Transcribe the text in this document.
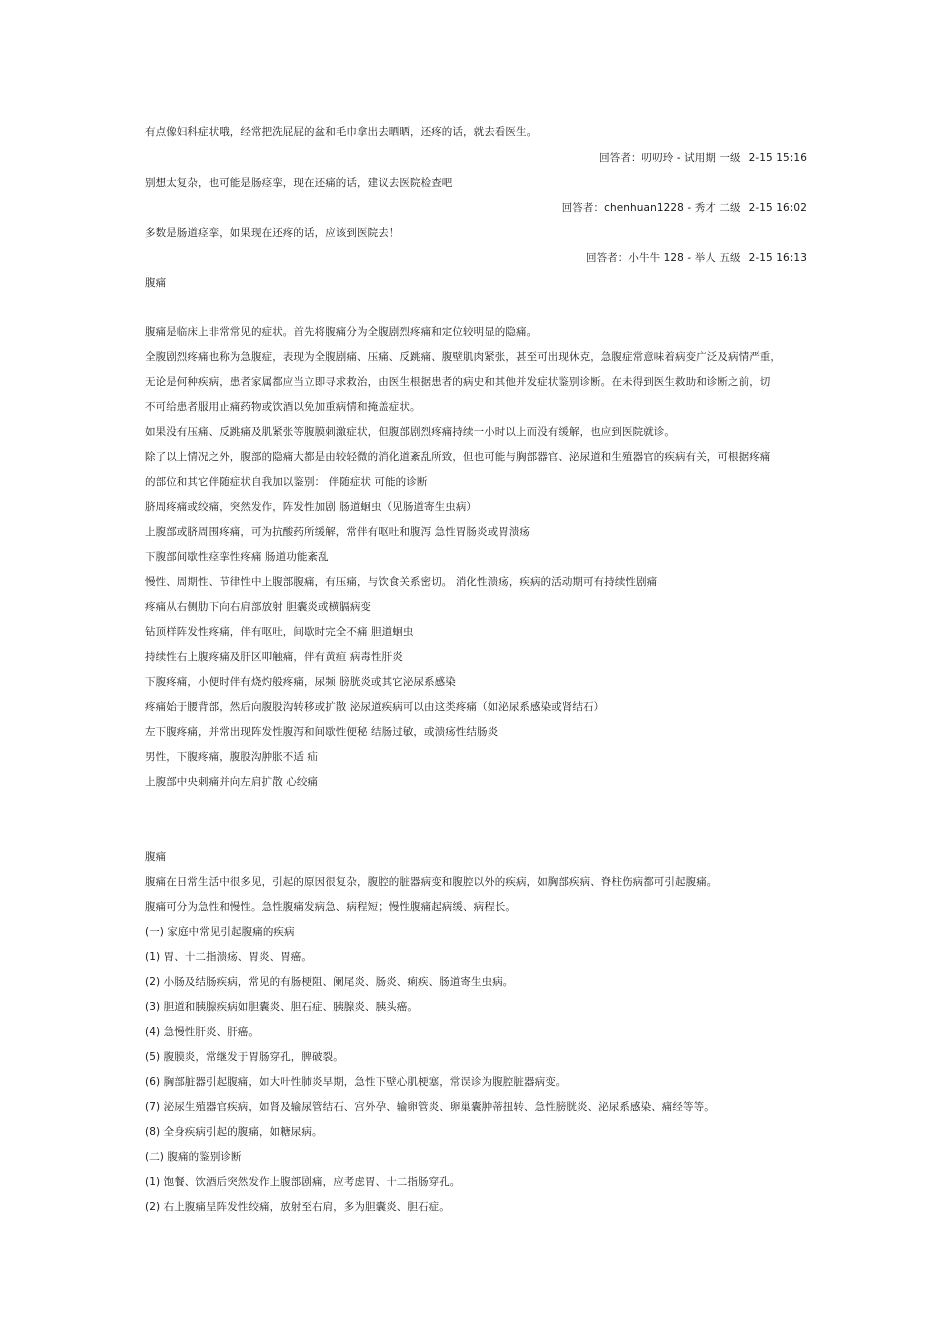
有点像妇科症状哦，经常把洗屁屁的盆和毛巾拿出去晒晒，还疼的话，就去看医生。
回答者：叨叨玲 - 试用期 一级 2-15 15:16
别想太复杂，也可能是肠痉挛，现在还痛的话，建议去医院检查吧
回答者：chenhuan1228 - 秀才 二级 2-15 16:02
多数是肠道痉挛，如果现在还疼的话，应该到医院去！
回答者：小牛牛 128 - 举人 五级 2-15 16:13
腹痛
腹痛是临床上非常常见的症状。首先将腹痛分为全腹剧烈疼痛和定位较明显的隐痛。
全腹剧烈疼痛也称为急腹症，表现为全腹剧痛、压痛、反跳痛、腹壁肌肉紧张，甚至可出现休克，急腹症常意味着病变广泛及病情严重，
无论是何种疾病，患者家属都应当立即寻求救治，由医生根据患者的病史和其他并发症状鉴别诊断。在未得到医生救助和诊断之前，切
不可给患者服用止痛药物或饮酒以免加重病情和掩盖症状。
如果没有压痛、反跳痛及肌紧张等腹膜刺激症状，但腹部剧烈疼痛持续一小时以上而没有缓解，也应到医院就诊。
除了以上情况之外，腹部的隐痛大都是由较轻微的消化道紊乱所致，但也可能与胸部器官、泌尿道和生殖器官的疾病有关，可根据疼痛
的部位和其它伴随症状自我加以鉴别： 伴随症状 可能的诊断
脐周疼痛或绞痛，突然发作，阵发性加剧 肠道蛔虫（见肠道寄生虫病）
上腹部或脐周围疼痛，可为抗酸药所缓解，常伴有呕吐和腹泻 急性胃肠炎或胃溃疡
下腹部间歇性痉挛性疼痛 肠道功能紊乱
慢性、周期性、节律性中上腹部腹痛，有压痛，与饮食关系密切。 消化性溃疡，疾病的活动期可有持续性剧痛
疼痛从右侧肋下向右肩部放射 胆囊炎或横膈病变
钻顶样阵发性疼痛，伴有呕吐，间歇时完全不痛 胆道蛔虫
持续性右上腹疼痛及肝区叩触痛，伴有黄疸 病毒性肝炎
下腹疼痛，小便时伴有烧灼般疼痛，尿频 膀胱炎或其它泌尿系感染
疼痛始于腰背部，然后向腹股沟转移或扩散 泌尿道疾病可以由这类疼痛（如泌尿系感染或肾结石）
左下腹疼痛，并常出现阵发性腹泻和间歇性便秘 结肠过敏，或溃疡性结肠炎
男性，下腹疼痛，腹股沟肿胀不适 疝
上腹部中央刺痛并向左肩扩散 心绞痛
腹痛
腹痛在日常生活中很多见，引起的原因很复杂，腹腔的脏器病变和腹腔以外的疾病，如胸部疾病、脊柱伤病都可引起腹痛。
腹痛可分为急性和慢性。急性腹痛发病急、病程短；慢性腹痛起病缓、病程长。
(一) 家庭中常见引起腹痛的疾病
(1) 胃、十二指溃疡、胃炎、胃癌。
(2) 小肠及结肠疾病，常见的有肠梗阻、阑尾炎、肠炎、痢疾、肠道寄生虫病。
(3) 胆道和胰腺疾病如胆囊炎、胆石症、胰腺炎、胰头癌。
(4) 急慢性肝炎、肝癌。
(5) 腹膜炎，常继发于胃肠穿孔，脾破裂。
(6) 胸部脏器引起腹痛，如大叶性肺炎早期，急性下壁心肌梗塞，常误诊为腹腔脏器病变。
(7) 泌尿生殖器官疾病，如肾及输尿管结石、宫外孕、输卵管炎、卵巢囊肿蒂扭转、急性膀胱炎、泌尿系感染、痛经等等。
(8) 全身疾病引起的腹痛，如糖尿病。
(二) 腹痛的鉴别诊断
(1) 饱餐、饮酒后突然发作上腹部剧痛，应考虑胃、十二指肠穿孔。
(2) 右上腹痛呈阵发性绞痛，放射至右肩，多为胆囊炎、胆石症。
